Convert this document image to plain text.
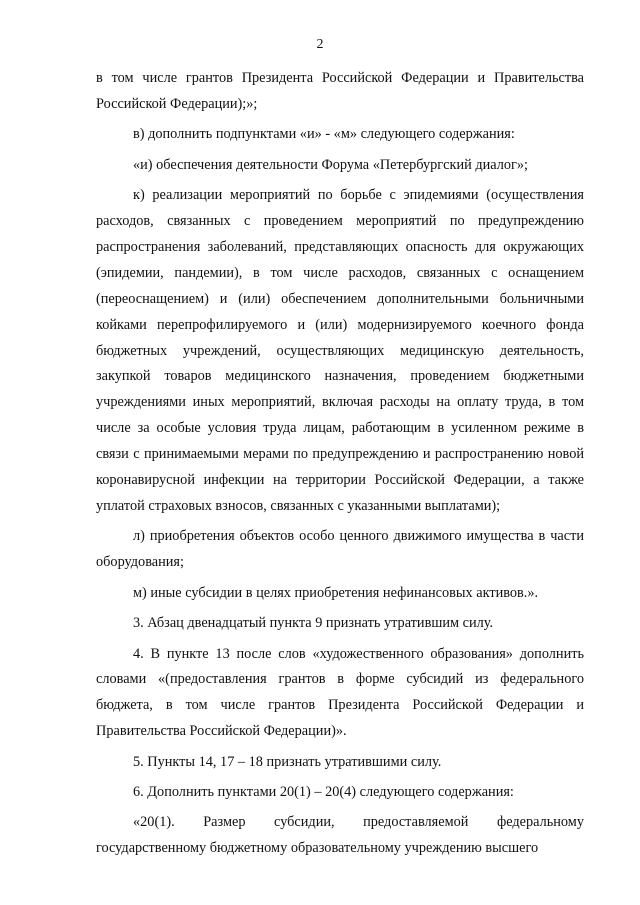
2

в том числе грантов Президента Российской Федерации и Правительства Российской Федерации);»;

в) дополнить подпунктами «и» - «м» следующего содержания:

«и) обеспечения деятельности Форума «Петербургский диалог»;

к) реализации мероприятий по борьбе с эпидемиями (осуществления расходов, связанных с проведением мероприятий по предупреждению распространения заболеваний, представляющих опасность для окружающих (эпидемии, пандемии), в том числе расходов, связанных с оснащением (переоснащением) и (или) обеспечением дополнительными больничными койками перепрофилируемого и (или) модернизируемого коечного фонда бюджетных учреждений, осуществляющих медицинскую деятельность, закупкой товаров медицинского назначения, проведением бюджетными учреждениями иных мероприятий, включая расходы на оплату труда, в том числе за особые условия труда лицам, работающим в усиленном режиме в связи с принимаемыми мерами по предупреждению и распространению новой коронавирусной инфекции на территории Российской Федерации, а также уплатой страховых взносов, связанных с указанными выплатами);

л) приобретения объектов особо ценного движимого имущества в части оборудования;

м) иные субсидии в целях приобретения нефинансовых активов.».

3. Абзац двенадцатый пункта 9 признать утратившим силу.

4. В пункте 13 после слов «художественного образования» дополнить словами «(предоставления грантов в форме субсидий из федерального бюджета, в том числе грантов Президента Российской Федерации и Правительства Российской Федерации)».

5. Пункты 14, 17 – 18 признать утратившими силу.

6. Дополнить пунктами 20(1) – 20(4) следующего содержания:

«20(1). Размер субсидии, предоставляемой федеральному государственному бюджетному образовательному учреждению высшего
